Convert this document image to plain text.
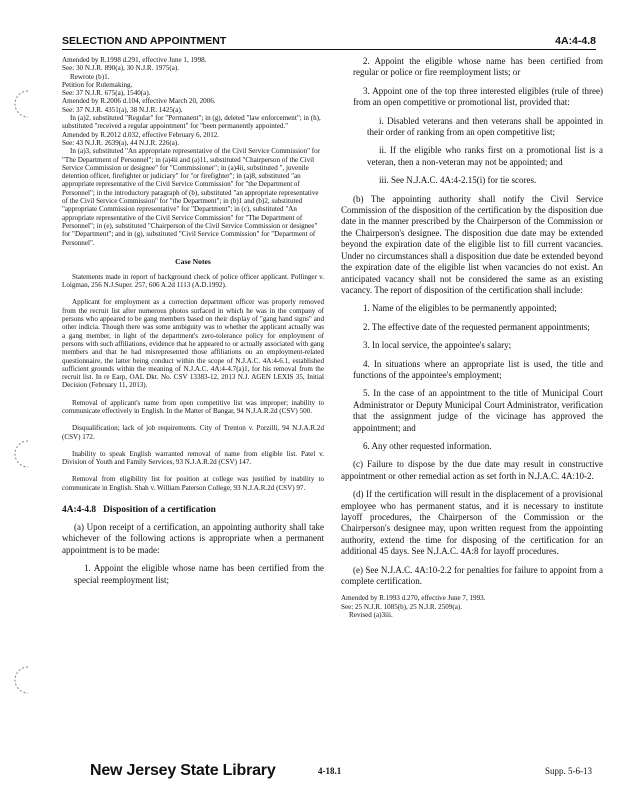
SELECTION AND APPOINTMENT	4A:4-4.8

Amended by R.1998 d.291, effective June 1, 1998.

See: 30 N.J.R. 890(a), 30 N.J.R. 1975(a).

Rewrote (b)1.

Petition for Rulemaking.

See: 37 N.J.R. 675(a), 1540(a).

Amended by R.2006 d.104, effective March 20, 2006.

See: 37 N.J.R. 4351(a), 38 N.J.R. 1425(a).

In (a)2, substituted "Regular" for "Permanent"; in (g), deleted "law enforcement"; in (h), substituted "received a regular appointment" for "been permanently appointed."

Amended by R.2012 d.032, effective February 6, 2012.

See: 43 N.J.R. 2639(a), 44 N.J.R. 226(a).

In (a)3, substituted "An appropriate representative of the Civil Service Commission" for "The Department of Personnel"; in (a)4ii and (a)11, substituted "Chairperson of the Civil Service Commission or designee" for "Commissioner"; in (a)4ii, substituted ", juvenile detention officer, firefighter or judiciary" for "or firefighter"; in (a)8, substituted "an appropriate representative of the Civil Service Commission" for "the Department of Personnel"; in the introductory paragraph of (b), substituted "an appropriate representative of the Civil Service Commission" for "the Department"; in (b)1 and (b)2, substituted "appropriate Commission representative" for "Department"; in (c), substituted "An appropriate representative of the Civil Service Commission" for "The Department of Personnel"; in (e), substituted "Chairperson of the Civil Service Commission or designee" for "Department"; and in (g), substituted "Civil Service Commission" for "Department of Personnel".

Case Notes

Statements made in report of background check of police officer applicant. Pollinger v. Loigman, 256 N.J.Super. 257, 606 A.2d 1113 (A.D.1992).

Applicant for employment as a correction department officer was properly removed from the recruit list after numerous photos surfaced in which he was in the company of persons who appeared to be gang members based on their display of "gang hand signs" and other indicia. Though there was some ambiguity was to whether the applicant actually was a gang member, in light of the department's zero-tolerance policy for employment of persons with such affiliations, evidence that he appeared to or actually associated with gang members and that he had misrepresented those affiliations on an employment-related questionnaire, the latter being conduct within the scope of N.J.A.C. 4A:4-6.1, established sufficient grounds within the meaning of N.J.A.C. 4A:4-4.7(a)1, for his removal from the recruit list. In re Earp, OAL Dkt. No. CSV 13383-12, 2013 N.J. AGEN LEXIS 35, Initial Decision (February 11, 2013).

Removal of applicant's name from open competitive list was improper; inability to communicate effectively in English. In the Matter of Bangar, 94 N.J.A.R.2d (CSV) 500.

Disqualification; lack of job requirements. City of Trenton v. Porzilli, 94 N.J.A.R.2d (CSV) 172.

Inability to speak English warranted removal of name from eligible list. Patel v. Division of Youth and Family Services, 93 N.J.A.R.2d (CSV) 147.

Removal from eligibility list for position at college was justified by inability to communicate in English. Shah v. William Paterson College, 93 N.J.A.R.2d (CSV) 97.

4A:4-4.8 Disposition of a certification

(a) Upon receipt of a certification, an appointing authority shall take whichever of the following actions is appropriate when a permanent appointment is to be made:

1. Appoint the eligible whose name has been certified from the special reemployment list;

2. Appoint the eligible whose name has been certified from regular or police or fire reemployment lists; or

3. Appoint one of the top three interested eligibles (rule of three) from an open competitive or promotional list, provided that:

i. Disabled veterans and then veterans shall be appointed in their order of ranking from an open competitive list;

ii. If the eligible who ranks first on a promotional list is a veteran, then a non-veteran may not be appointed; and

iii. See N.J.A.C. 4A:4-2.15(i) for tie scores.

(b) The appointing authority shall notify the Civil Service Commission of the disposition of the certification by the disposition due date in the manner prescribed by the Chairperson of the Commission or the Chairperson's designee. The disposition due date may be extended beyond the expiration date of the eligible list to fill current vacancies. Under no circumstances shall a disposition due date be extended beyond the expiration date of the eligible list when vacancies do not exist. An anticipated vacancy shall not be considered the same as an existing vacancy. The report of disposition of the certification shall include:

1. Name of the eligibles to be permanently appointed;

2. The effective date of the requested permanent appointments;

3. In local service, the appointee's salary;

4. In situations where an appropriate list is used, the title and functions of the appointee's employment;

5. In the case of an appointment to the title of Municipal Court Administrator or Deputy Municipal Court Administrator, verification that the assignment judge of the vicinage has approved the appointment; and

6. Any other requested information.

(c) Failure to dispose by the due date may result in constructive appointment or other remedial action as set forth in N.J.A.C. 4A:10-2.

(d) If the certification will result in the displacement of a provisional employee who has permanent status, and it is necessary to institute layoff procedures, the Chairperson of the Commission or the Chairperson's designee may, upon written request from the appointing authority, extend the time for disposing of the certification for an additional 45 days. See N.J.A.C. 4A:8 for layoff procedures.

(e) See N.J.A.C. 4A:10-2.2 for penalties for failure to appoint from a complete certification.

Amended by R.1993 d.270, effective June 7, 1993.

See: 25 N.J.R. 1085(b), 25 N.J.R. 2509(a).

Revised (a)3iii.

New Jersey State Library	4-18.1	Supp. 5-6-13
